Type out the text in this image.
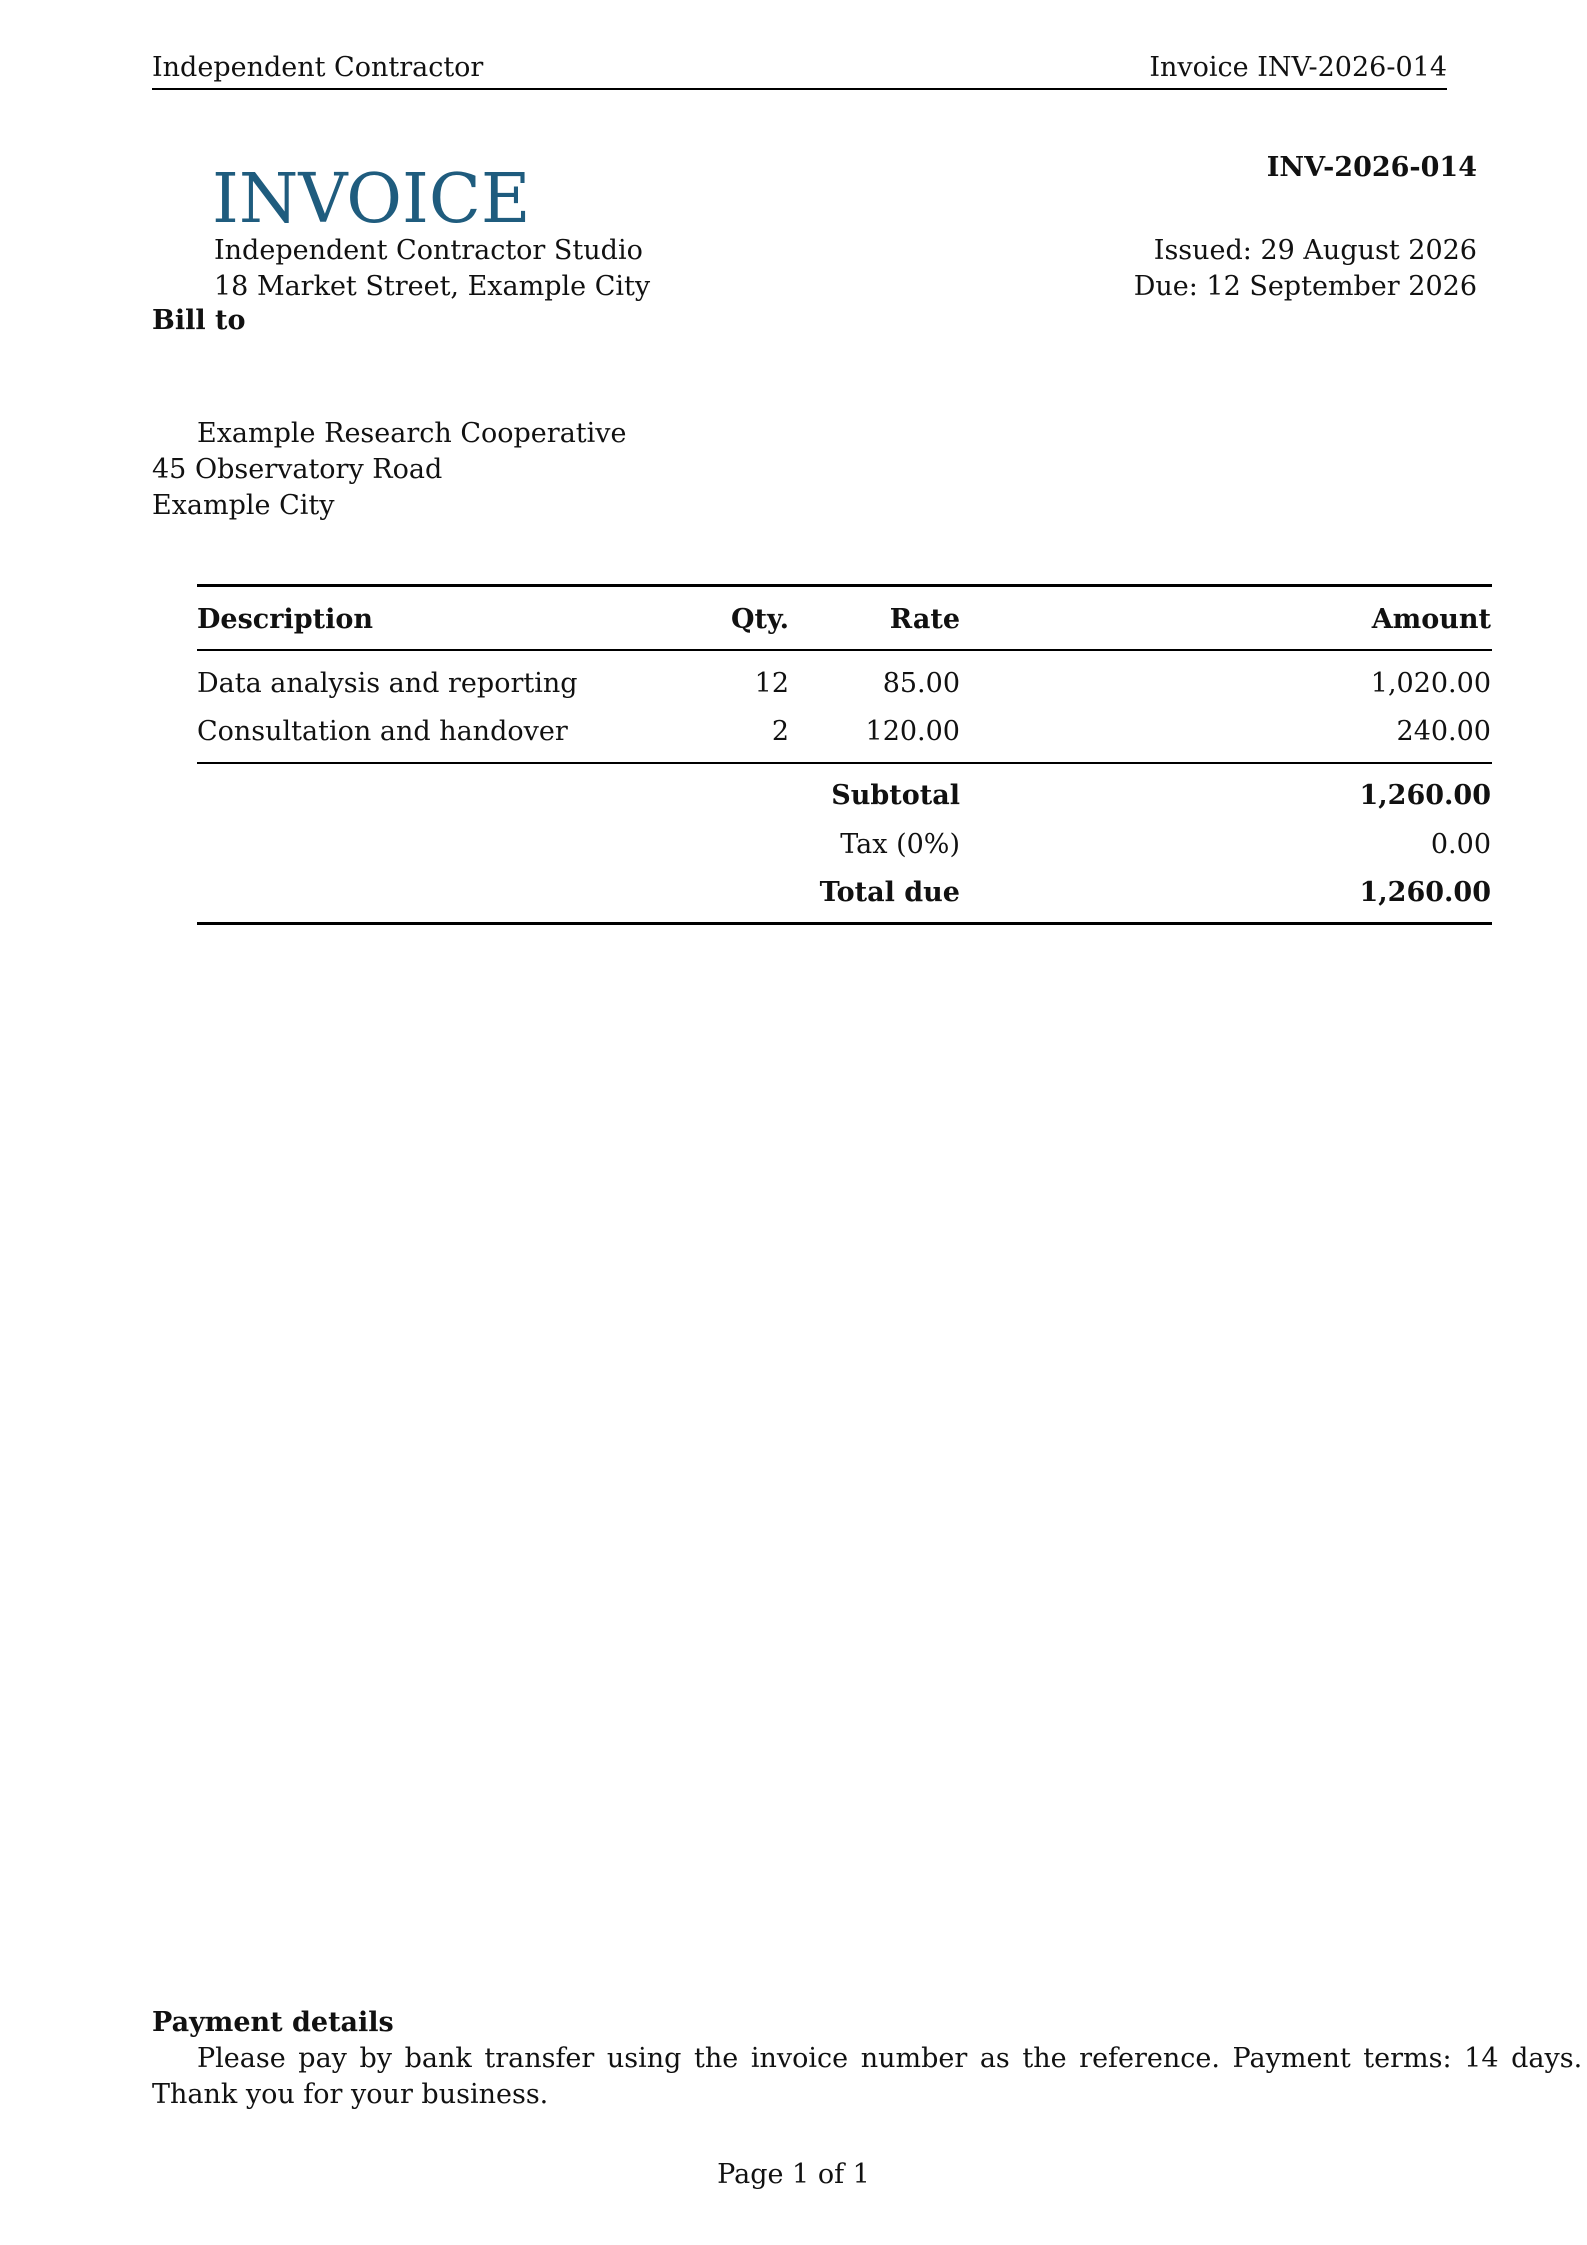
Independent Contractor	Invoice INV-2026-014
INVOICE
Independent Contractor Studio
18 Market Street, Example City
INV-2026-014
Issued: 29 August 2026
Due: 12 September 2026
Bill to
Example Research Cooperative
45 Observatory Road
Example City
Description	Qty.	Rate	Amount
Data analysis and reporting	12	85.00	1,020.00
Consultation and handover	2	120.00	240.00
Subtotal	1,260.00
Tax (0%)	0.00
Total due	1,260.00
Payment details
Please pay by bank transfer using the invoice number as the reference. Payment terms: 14 days.
Thank you for your business.
Page 1 of 1
